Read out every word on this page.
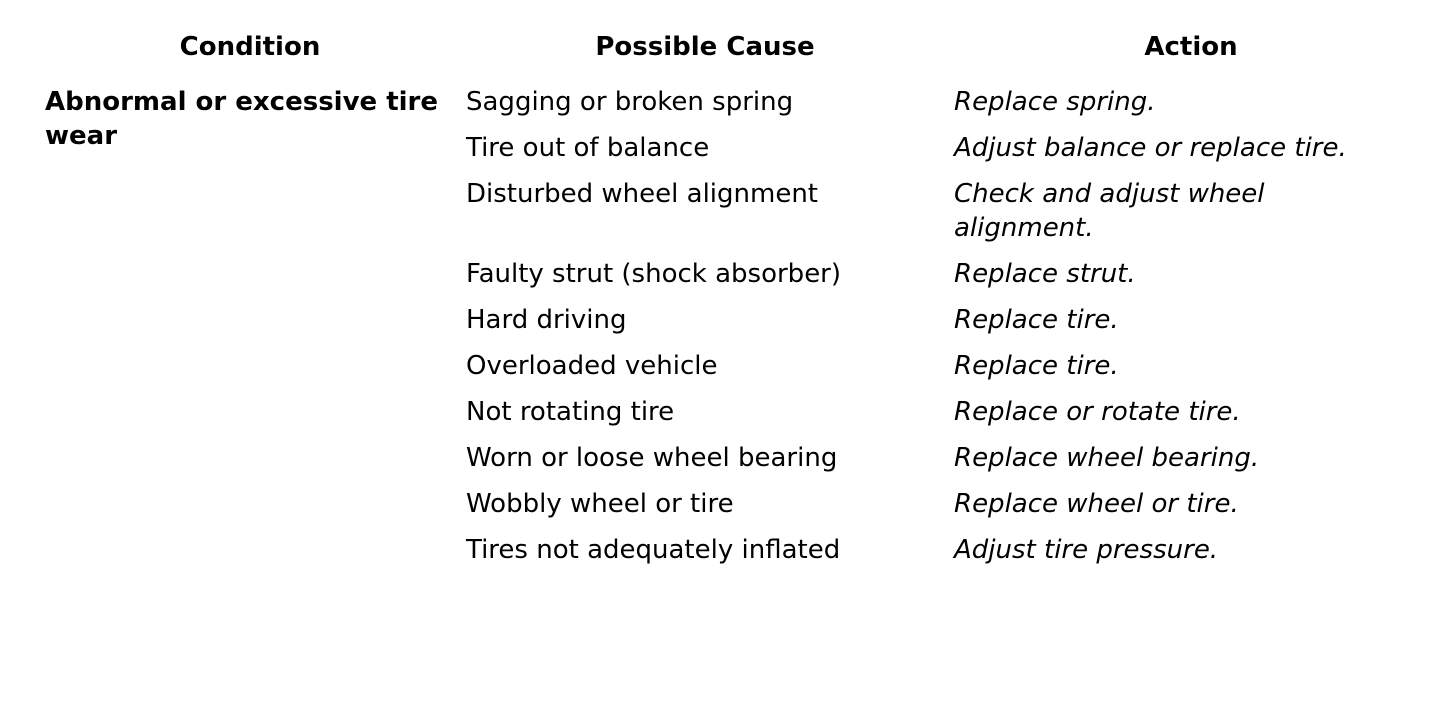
Condition	Possible Cause	Action
Abnormal or excessive tire wear
Sagging or broken spring	Replace spring.
Tire out of balance	Adjust balance or replace tire.
Disturbed wheel alignment	Check and adjust wheel alignment.
Faulty strut (shock absorber)	Replace strut.
Hard driving	Replace tire.
Overloaded vehicle	Replace tire.
Not rotating tire	Replace or rotate tire.
Worn or loose wheel bearing	Replace wheel bearing.
Wobbly wheel or tire	Replace wheel or tire.
Tires not adequately inflated	Adjust tire pressure.
